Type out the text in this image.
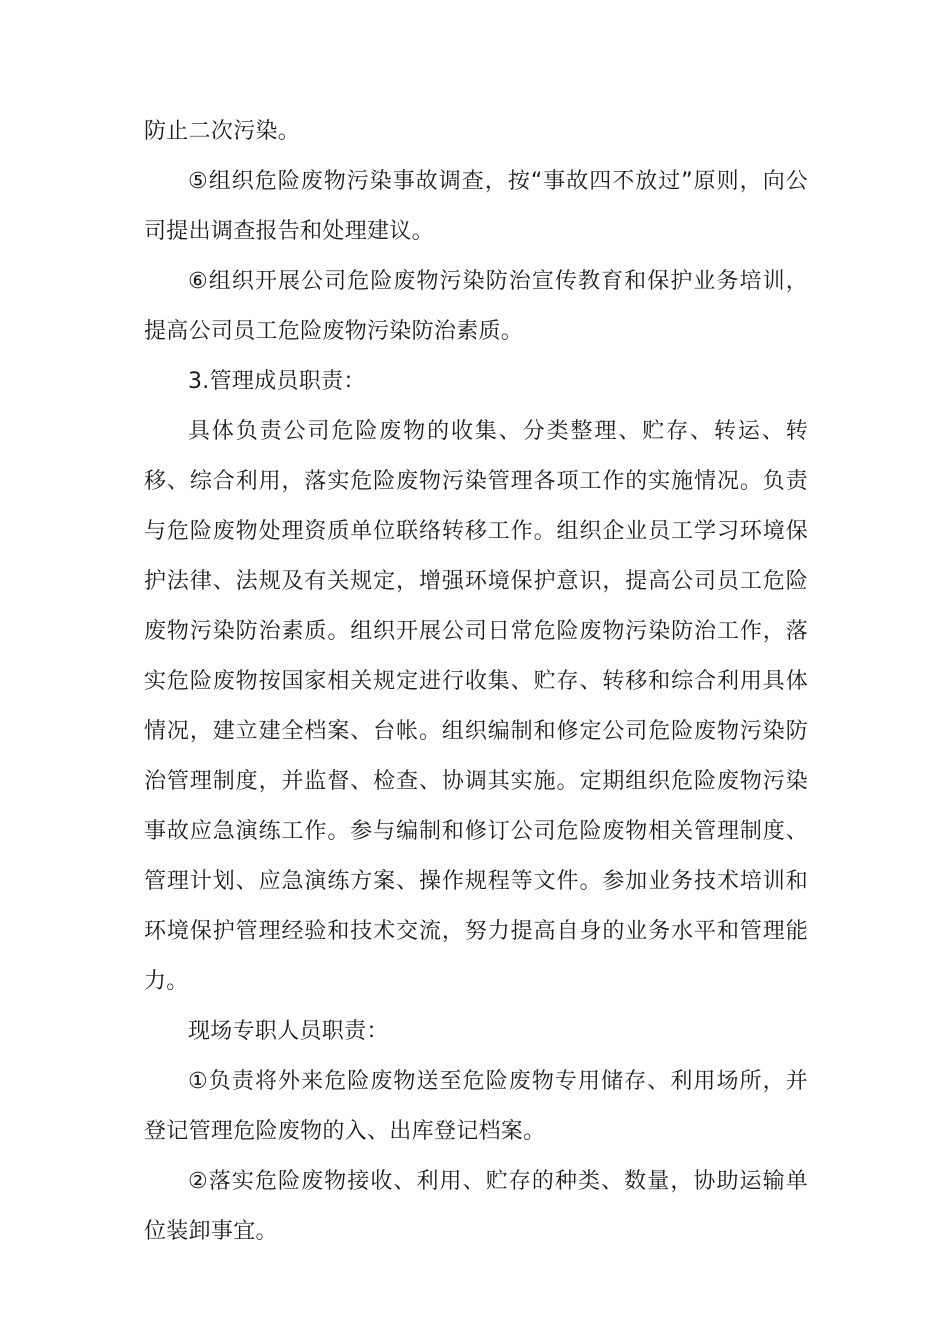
防止二次污染。

⑤组织危险废物污染事故调查，按“事故四不放过”原则，向公司提出调查报告和处理建议。

⑥组织开展公司危险废物污染防治宣传教育和保护业务培训，提高公司员工危险废物污染防治素质。

3.管理成员职责：

具体负责公司危险废物的收集、分类整理、贮存、转运、转移、综合利用，落实危险废物污染管理各项工作的实施情况。负责与危险废物处理资质单位联络转移工作。组织企业员工学习环境保护法律、法规及有关规定，增强环境保护意识，提高公司员工危险废物污染防治素质。组织开展公司日常危险废物污染防治工作，落实危险废物按国家相关规定进行收集、贮存、转移和综合利用具体情况，建立建全档案、台帐。组织编制和修定公司危险废物污染防治管理制度，并监督、检查、协调其实施。定期组织危险废物污染事故应急演练工作。参与编制和修订公司危险废物相关管理制度、管理计划、应急演练方案、操作规程等文件。参加业务技术培训和环境保护管理经验和技术交流，努力提高自身的业务水平和管理能力。

现场专职人员职责：

①负责将外来危险废物送至危险废物专用储存、利用场所，并登记管理危险废物的入、出库登记档案。

②落实危险废物接收、利用、贮存的种类、数量，协助运输单位装卸事宜。
